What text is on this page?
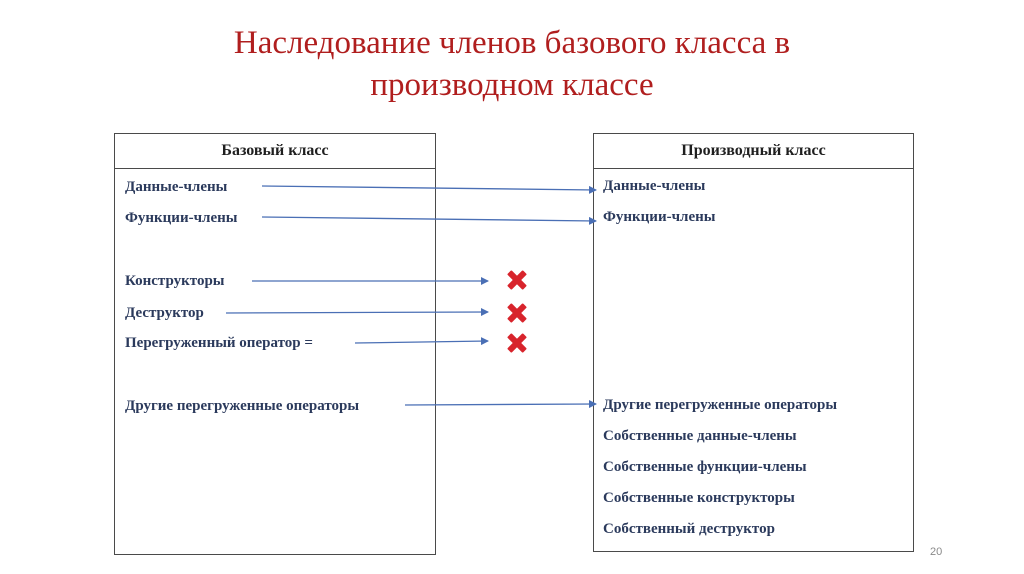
Наследование членов базового класса в
производном классе
Базовый класс	Производный класс
Данные-члены
Функции-члены
Конструкторы
Деструктор
Перегруженный оператор =
Другие перегруженные операторы
Данные-члены
Функции-члены
Другие перегруженные операторы
Собственные данные-члены
Собственные функции-члены
Собственные конструкторы
Собственный деструктор
20
